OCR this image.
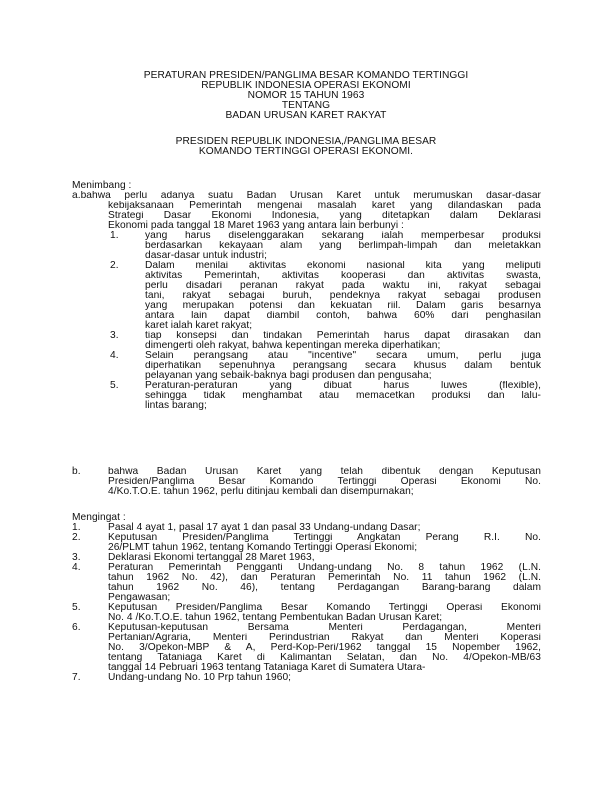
PERATURAN PRESIDEN/PANGLIMA BESAR KOMANDO TERTINGGI
REPUBLIK INDONESIA OPERASI EKONOMI
NOMOR 15 TAHUN 1963
TENTANG
BADAN URUSAN KARET RAKYAT
PRESIDEN REPUBLIK INDONESIA,/PANGLIMA BESAR
KOMANDO TERTINGGI OPERASI EKONOMI.
Menimbang :
a.bahwa perlu adanya suatu Badan Urusan Karet untuk merumuskan dasar-dasar
kebijaksanaan Pemerintah mengenai masalah karet yang dilandaskan pada
Strategi Dasar Ekonomi Indonesia, yang ditetapkan dalam Deklarasi
Ekonomi pada tanggal 18 Maret 1963 yang antara lain berbunyi :
1.	yang harus diselenggarakan sekarang ialah memperbesar produksi
berdasarkan kekayaan alam yang berlimpah-limpah dan meletakkan
dasar-dasar untuk industri;
2.	Dalam menilai aktivitas ekonomi nasional kita yang meliputi
aktivitas Pemerintah, aktivitas kooperasi dan aktivitas swasta,
perlu disadari peranan rakyat pada waktu ini, rakyat sebagai
tani, rakyat sebagai buruh, pendeknya rakyat sebagai produsen
yang merupakan potensi dan kekuatan riil. Dalam garis besarnya
antara lain dapat diambil contoh, bahwa 60% dari penghasilan
karet ialah karet rakyat;
3.	tiap konsepsi dan tindakan Pemerintah harus dapat dirasakan dan
dimengerti oleh rakyat, bahwa kepentingan mereka diperhatikan;
4.	Selain perangsang atau "incentive" secara umum, perlu juga
diperhatikan sepenuhnya perangsang secara khusus dalam bentuk
pelayanan yang sebaik-baknya bagi produsen dan pengusaha;
5.	Peraturan-peraturan yang dibuat harus luwes (flexible),
sehingga tidak menghambat atau memacetkan produksi dan lalu-
lintas barang;
b.	bahwa Badan Urusan Karet yang telah dibentuk dengan Keputusan
Presiden/Panglima Besar Komando Tertinggi Operasi Ekonomi No.
4/Ko.T.O.E. tahun 1962, perlu ditinjau kembali dan disempurnakan;
Mengingat :
1.	Pasal 4 ayat 1, pasal 17 ayat 1 dan pasal 33 Undang-undang Dasar;
2.	Keputusan Presiden/Panglima Tertinggi Angkatan Perang R.I. No.
26/PLMT tahun 1962, tentang Komando Tertinggi Operasi Ekonomi;
3.	Deklarasi Ekonomi tertanggal 28 Maret 1963,
4.	Peraturan Pemerintah Pengganti Undang-undang No. 8 tahun 1962 (L.N.
tahun 1962 No. 42), dan Peraturan Pemerintah No. 11 tahun 1962 (L.N.
tahun 1962 No. 46), tentang Perdagangan Barang-barang dalam
Pengawasan;
5.	Keputusan Presiden/Panglima Besar Komando Tertinggi Operasi Ekonomi
No. 4 /Ko.T.O.E. tahun 1962, tentang Pembentukan Badan Urusan Karet;
6.	Keputusan-keputusan Bersama Menteri Perdagangan, Menteri
Pertanian/Agraria, Menteri Perindustrian Rakyat dan Menteri Koperasi
No. 3/Opekon-MBP & A, Perd-Kop-Peri/1962 tanggal 15 Nopember 1962,
tentang Tataniaga Karet di Kalimantan Selatan, dan No. 4/Opekon-MB/63
tanggal 14 Pebruari 1963 tentang Tataniaga Karet di Sumatera Utara-
7.	Undang-undang No. 10 Prp tahun 1960;
